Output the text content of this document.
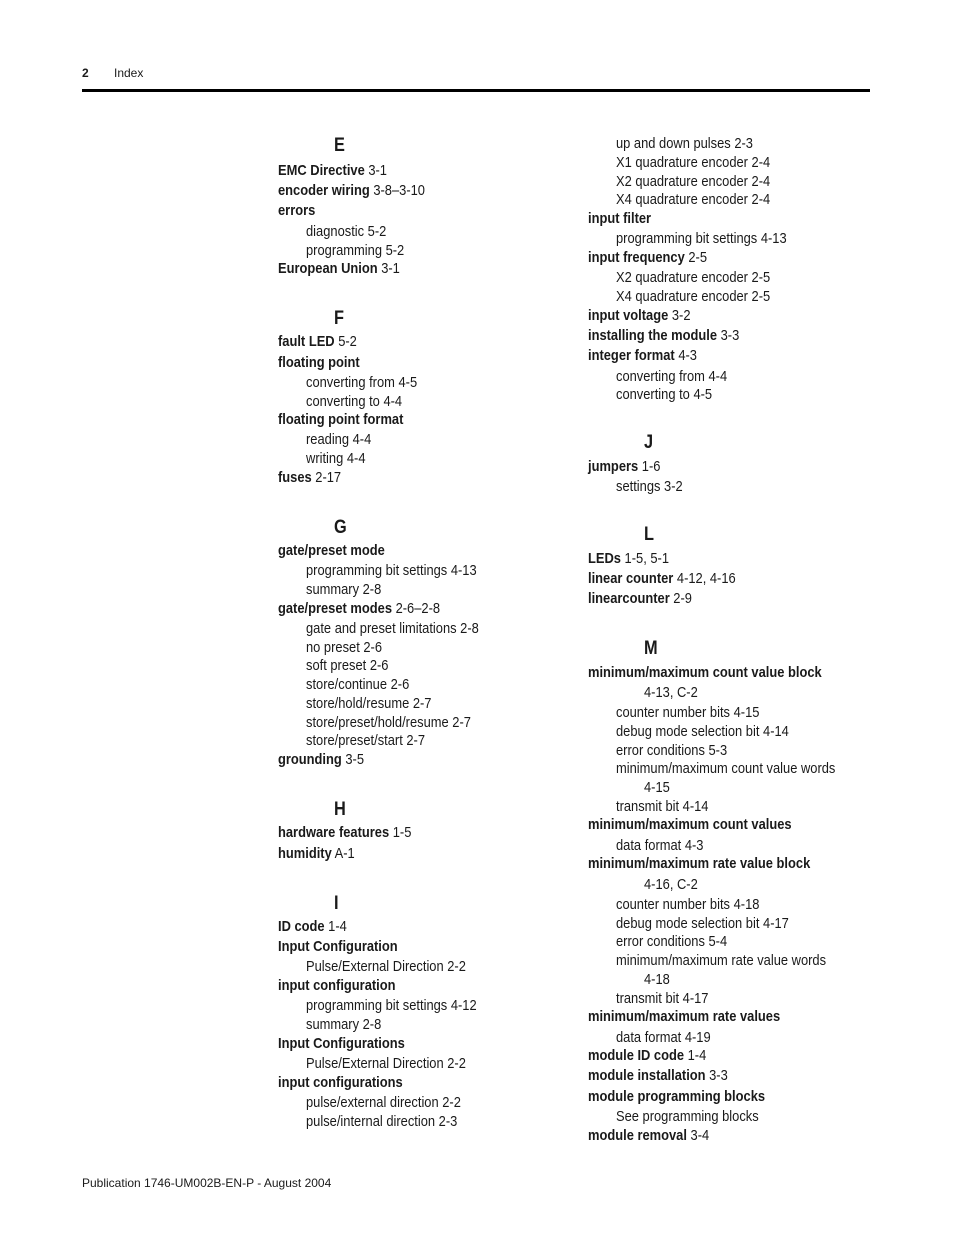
2 Index
E
EMC Directive 3-1
encoder wiring 3-8–3-10
errors
diagnostic 5-2
programming 5-2
European Union 3-1
F
fault LED 5-2
floating point
converting from 4-5
converting to 4-4
floating point format
reading 4-4
writing 4-4
fuses 2-17
G
gate/preset mode
programming bit settings 4-13
summary 2-8
gate/preset modes 2-6–2-8
gate and preset limitations 2-8
no preset 2-6
soft preset 2-6
store/continue 2-6
store/hold/resume 2-7
store/preset/hold/resume 2-7
store/preset/start 2-7
grounding 3-5
H
hardware features 1-5
humidity A-1
I
ID code 1-4
Input Configuration
Pulse/External Direction 2-2
input configuration
programming bit settings 4-12
summary 2-8
Input Configurations
Pulse/External Direction 2-2
input configurations
pulse/external direction 2-2
pulse/internal direction 2-3
up and down pulses 2-3
X1 quadrature encoder 2-4
X2 quadrature encoder 2-4
X4 quadrature encoder 2-4
input filter
programming bit settings 4-13
input frequency 2-5
X2 quadrature encoder 2-5
X4 quadrature encoder 2-5
input voltage 3-2
installing the module 3-3
integer format 4-3
converting from 4-4
converting to 4-5
J
jumpers 1-6
settings 3-2
L
LEDs 1-5, 5-1
linear counter 4-12, 4-16
linearcounter 2-9
M
minimum/maximum count value block
4-13, C-2
counter number bits 4-15
debug mode selection bit 4-14
error conditions 5-3
minimum/maximum count value words
4-15
transmit bit 4-14
minimum/maximum count values
data format 4-3
minimum/maximum rate value block
4-16, C-2
counter number bits 4-18
debug mode selection bit 4-17
error conditions 5-4
minimum/maximum rate value words
4-18
transmit bit 4-17
minimum/maximum rate values
data format 4-19
module ID code 1-4
module installation 3-3
module programming blocks
See programming blocks
module removal 3-4
Publication 1746-UM002B-EN-P - August 2004
